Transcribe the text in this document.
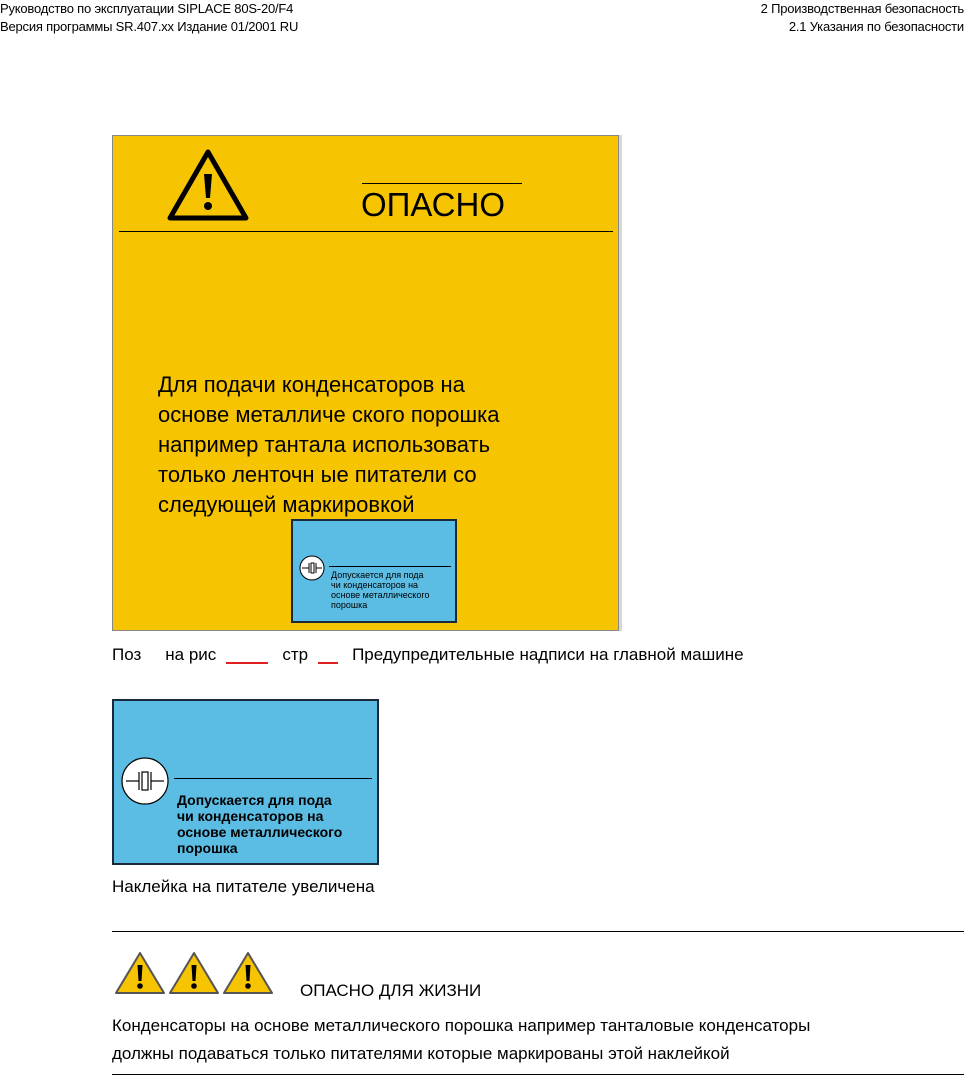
Руководство по эксплуатации SIPLACE 80S-20/F4
Версия программы SR.407.xx Издание 01/2001 RU
2 Производственная безопасность
2.1 Указания по безопасности
ОПАСНО
Для подачи конденсаторов на
основе металличе ского порошка
например тантала использовать
только ленточн ые питатели со
следующей маркировкой
Допускается для пода
чи конденсаторов на
основе металлического
порошка
Поз на рис	стр	Предупредительные надписи на главной машине
Допускается для пода
чи конденсаторов на
основе металлического
порошка
Наклейка на питателе увеличена
ОПАСНО ДЛЯ ЖИЗНИ
Конденсаторы на основе металлического порошка например танталовые конденсаторы
должны подаваться только питателями которые маркированы этой наклейкой
